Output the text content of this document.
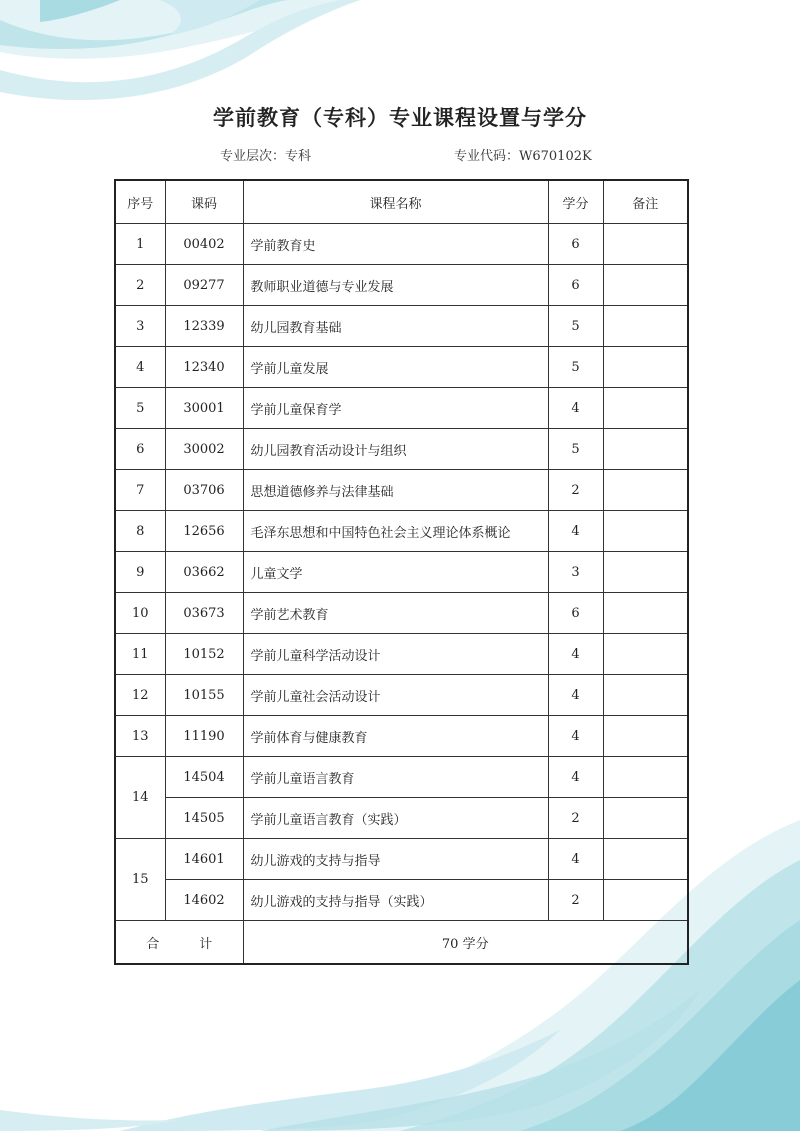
学前教育（专科）专业课程设置与学分
专业层次：专科	专业代码：W670102K
序号	课码	课程名称	学分	备注
1	00402	学前教育史	6	
2	09277	教师职业道德与专业发展	6	
3	12339	幼儿园教育基础	5	
4	12340	学前儿童发展	5	
5	30001	学前儿童保育学	4	
6	30002	幼儿园教育活动设计与组织	5	
7	03706	思想道德修养与法律基础	2	
8	12656	毛泽东思想和中国特色社会主义理论体系概论	4	
9	03662	儿童文学	3	
10	03673	学前艺术教育	6	
11	10152	学前儿童科学活动设计	4	
12	10155	学前儿童社会活动设计	4	
13	11190	学前体育与健康教育	4	
14	14504	学前儿童语言教育	4	
	14505	学前儿童语言教育（实践）	2	
15	14601	幼儿游戏的支持与指导	4	
	14602	幼儿游戏的支持与指导（实践）	2	
合 计		70 学分		
